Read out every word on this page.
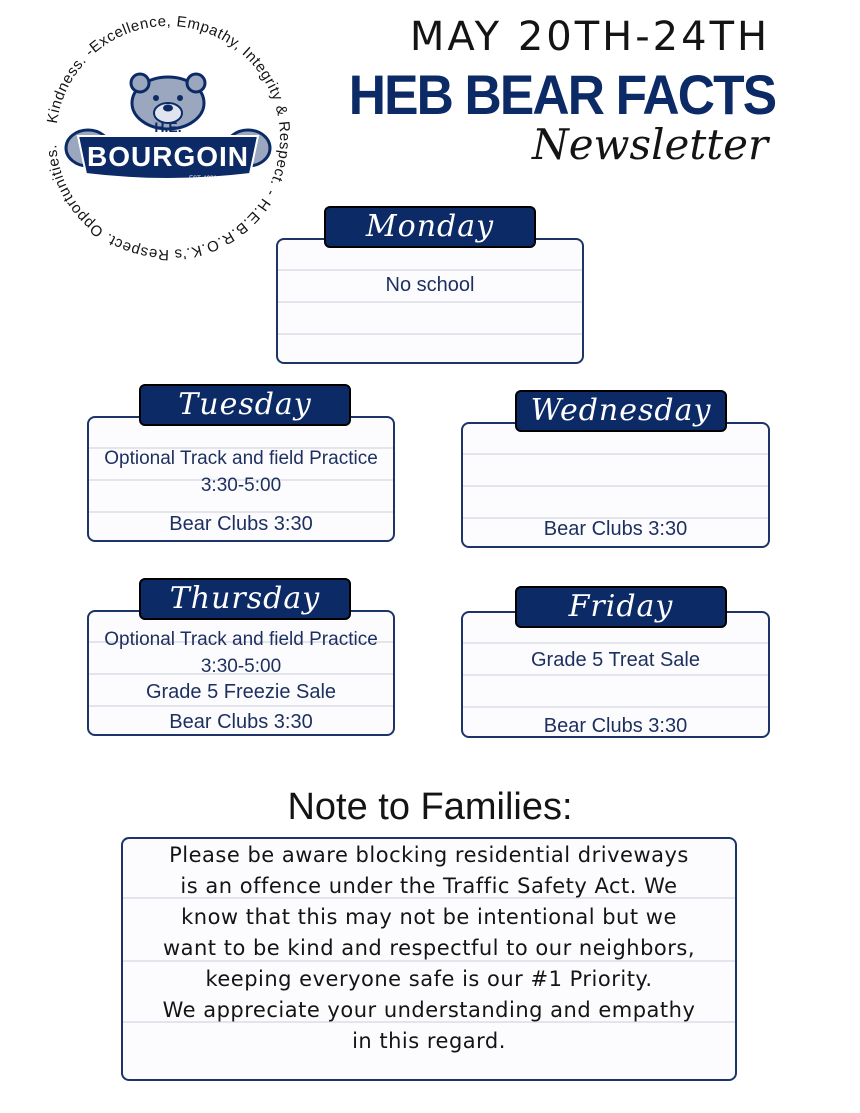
Kindness. -Excellence, Empathy, Integrity & Respect. - H.E.B.R.O.K.'s Respect. Opportunities.
H.E.
BOURGOIN
EST. 1981
MAY 20TH-24TH
HEB BEAR FACTS
Newsletter
No school
Monday
Optional Track and field Practice
3:30-5:00
Bear Clubs 3:30
Tuesday
Bear Clubs 3:30
Wednesday
Optional Track and field Practice
3:30-5:00
Grade 5 Freezie Sale
Bear Clubs 3:30
Thursday
Grade 5 Treat Sale
Bear Clubs 3:30
Friday
Note to Families:
Please be aware blocking residential driveways
is an offence under the Traffic Safety Act. We
know that this may not be intentional but we
want to be kind and respectful to our neighbors,
keeping everyone safe is our #1 Priority.
We appreciate your understanding and empathy
in this regard.
